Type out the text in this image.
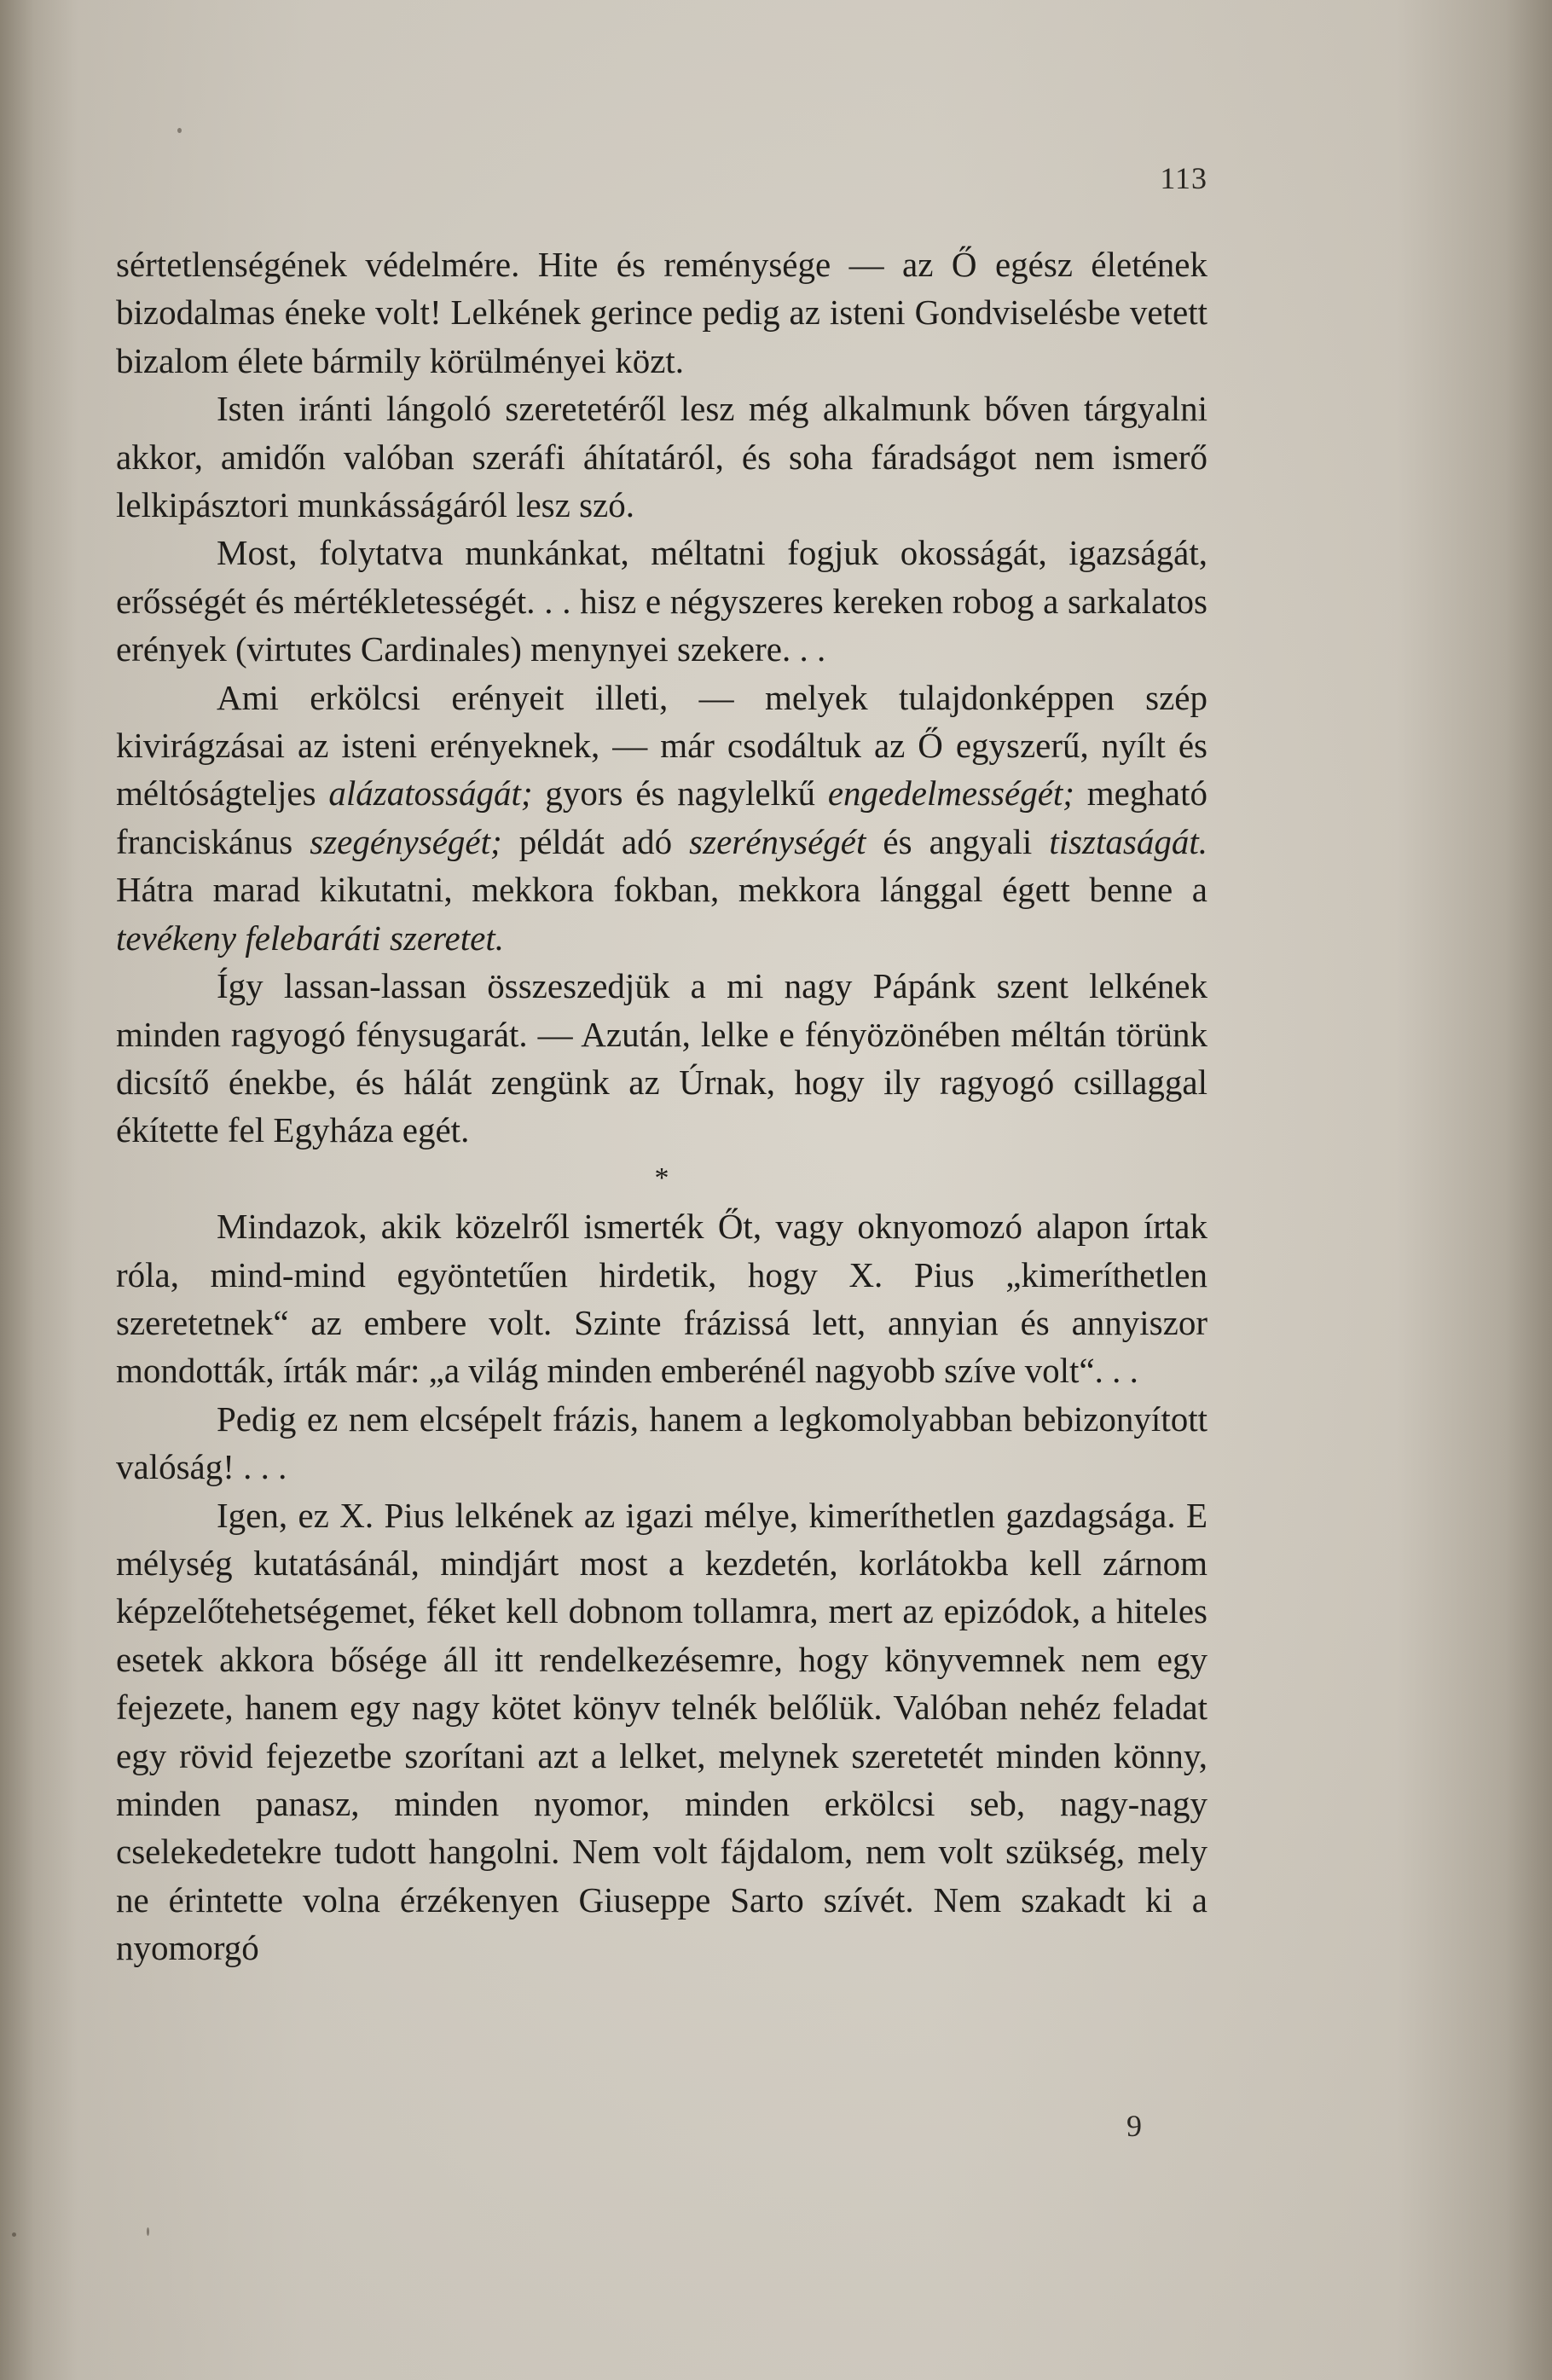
113

sértetlenségének védelmére. Hite és reménysége — az Ő egész életének bizodalmas éneke volt! Lelkének gerince pedig az isteni Gondviselésbe vetett bizalom élete bármily körülményei közt.

Isten iránti lángoló szeretetéről lesz még alkalmunk bőven tárgyalni akkor, amidőn valóban szeráfi áhítatáról, és soha fáradságot nem ismerő lelkipásztori munkásságáról lesz szó.

Most, folytatva munkánkat, méltatni fogjuk okosságát, igazságát, erősségét és mértékletességét. . . hisz e négyszeres kereken robog a sarkalatos erények (virtutes Cardinales) menynyei szekere. . .

Ami erkölcsi erényeit illeti, — melyek tulajdonképpen szép kivirágzásai az isteni erényeknek, — már csodáltuk az Ő egyszerű, nyílt és méltóságteljes alázatosságát; gyors és nagylelkű engedelmességét; megható franciskánus szegénységét; példát adó szerénységét és angyali tisztaságát. Hátra marad kikutatni, mekkora fokban, mekkora lánggal égett benne a tevékeny felebaráti szeretet.

Így lassan-lassan összeszedjük a mi nagy Pápánk szent lelkének minden ragyogó fénysugarát. — Azután, lelke e fényözönében méltán törünk dicsítő énekbe, és hálát zengünk az Úrnak, hogy ily ragyogó csillaggal ékítette fel Egyháza egét.

*

Mindazok, akik közelről ismerték Őt, vagy oknyomozó alapon írtak róla, mind-mind egyöntetűen hirdetik, hogy X. Pius „kimeríthetlen szeretetnek“ az embere volt. Szinte frázissá lett, annyian és annyiszor mondották, írták már: „a világ minden emberénél nagyobb szíve volt“. . .

Pedig ez nem elcsépelt frázis, hanem a legkomolyabban bebizonyított valóság! . . .

Igen, ez X. Pius lelkének az igazi mélye, kimeríthetlen gazdagsága. E mélység kutatásánál, mindjárt most a kezdetén, korlátokba kell zárnom képzelőtehetségemet, féket kell dobnom tollamra, mert az epizódok, a hiteles esetek akkora bősége áll itt rendelkezésemre, hogy könyvemnek nem egy fejezete, hanem egy nagy kötet könyv telnék belőlük. Valóban nehéz feladat egy rövid fejezetbe szorítani azt a lelket, melynek szeretetét minden könny, minden panasz, minden nyomor, minden erkölcsi seb, nagy-nagy cselekedetekre tudott hangolni. Nem volt fájdalom, nem volt szükség, mely ne érintette volna érzékenyen Giuseppe Sarto szívét. Nem szakadt ki a nyomorgó

9
